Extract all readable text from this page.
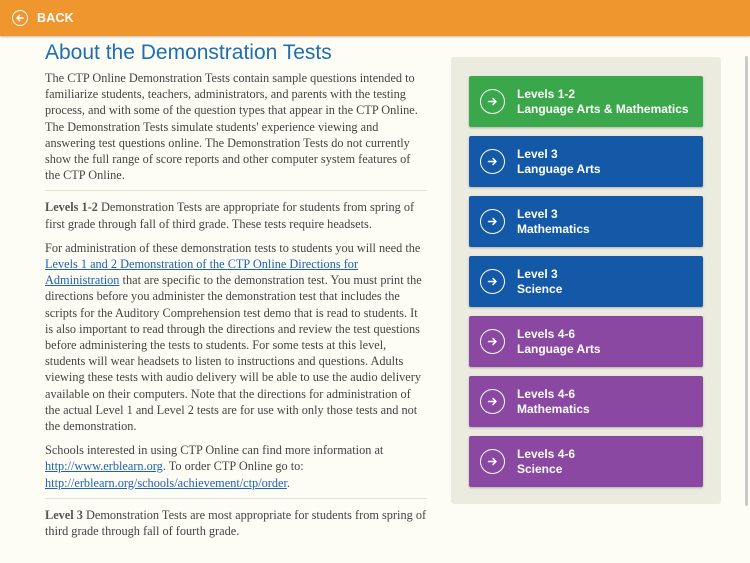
BACK
About the Demonstration Tests

The CTP Online Demonstration Tests contain sample questions intended to familiarize students, teachers, administrators, and parents with the testing process, and with some of the question types that appear in the CTP Online. The Demonstration Tests simulate students' experience viewing and answering test questions online. The Demonstration Tests do not currently show the full range of score reports and other computer system features of the CTP Online.

Levels 1-2 Demonstration Tests are appropriate for students from spring of first grade through fall of third grade. These tests require headsets.

For administration of these demonstration tests to students you will need the Levels 1 and 2 Demonstration of the CTP Online Directions for Administration that are specific to the demonstration test. You must print the directions before you administer the demonstration test that includes the scripts for the Auditory Comprehension test demo that is read to students. It is also important to read through the directions and review the test questions before administering the tests to students. For some tests at this level, students will wear headsets to listen to instructions and questions. Adults viewing these tests with audio delivery will be able to use the audio delivery available on their computers. Note that the directions for administration of the actual Level 1 and Level 2 tests are for use with only those tests and not the demonstration.

Schools interested in using CTP Online can find more information at http://www.erblearn.org. To order CTP Online go to: http://erblearn.org/schools/achievement/ctp/order.

Level 3 Demonstration Tests are most appropriate for students from spring of third grade through fall of fourth grade.

Levels 1-2
Language Arts & Mathematics
Level 3
Language Arts
Level 3
Mathematics
Level 3
Science
Levels 4-6
Language Arts
Levels 4-6
Mathematics
Levels 4-6
Science
